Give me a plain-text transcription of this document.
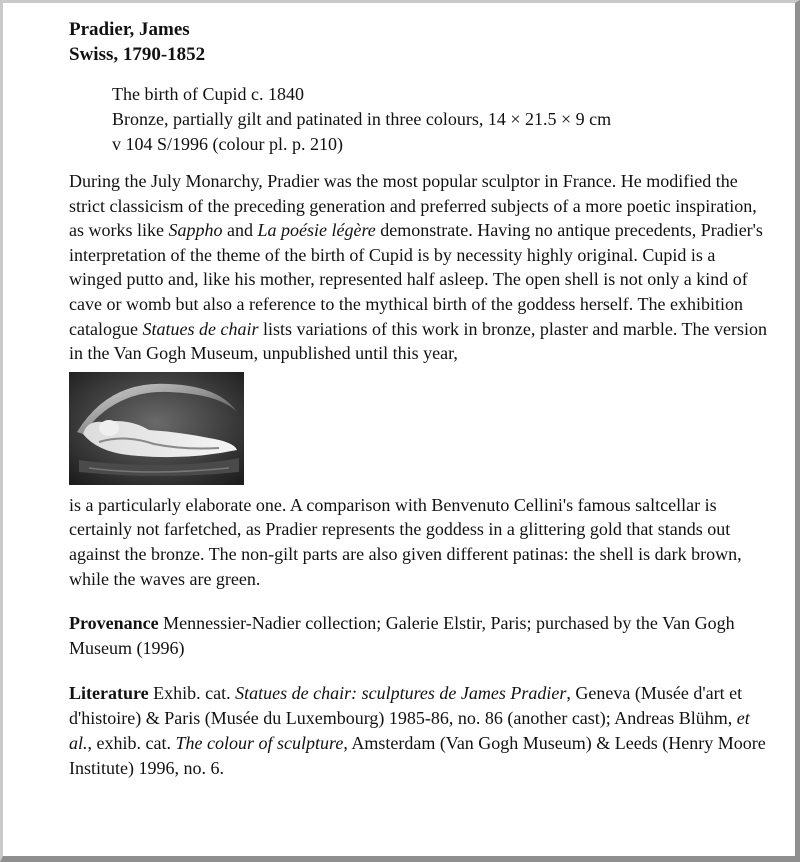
Pradier, James
Swiss, 1790-1852
The birth of Cupid c. 1840
Bronze, partially gilt and patinated in three colours, 14 × 21.5 × 9 cm
v 104 S/1996 (colour pl. p. 210)
During the July Monarchy, Pradier was the most popular sculptor in France. He modified the strict classicism of the preceding generation and preferred subjects of a more poetic inspiration, as works like Sappho and La poésie légère demonstrate. Having no antique precedents, Pradier's interpretation of the theme of the birth of Cupid is by necessity highly original. Cupid is a winged putto and, like his mother, represented half asleep. The open shell is not only a kind of cave or womb but also a reference to the mythical birth of the goddess herself. The exhibition catalogue Statues de chair lists variations of this work in bronze, plaster and marble. The version in the Van Gogh Museum, unpublished until this year,
is a particularly elaborate one. A comparison with Benvenuto Cellini's famous saltcellar is certainly not farfetched, as Pradier represents the goddess in a glittering gold that stands out against the bronze. The non-gilt parts are also given different patinas: the shell is dark brown, while the waves are green.
Provenance Mennessier-Nadier collection; Galerie Elstir, Paris; purchased by the Van Gogh Museum (1996)
Literature Exhib. cat. Statues de chair: sculptures de James Pradier, Geneva (Musée d'art et d'histoire) & Paris (Musée du Luxembourg) 1985-86, no. 86 (another cast); Andreas Blühm, et al., exhib. cat. The colour of sculpture, Amsterdam (Van Gogh Museum) & Leeds (Henry Moore Institute) 1996, no. 6.
